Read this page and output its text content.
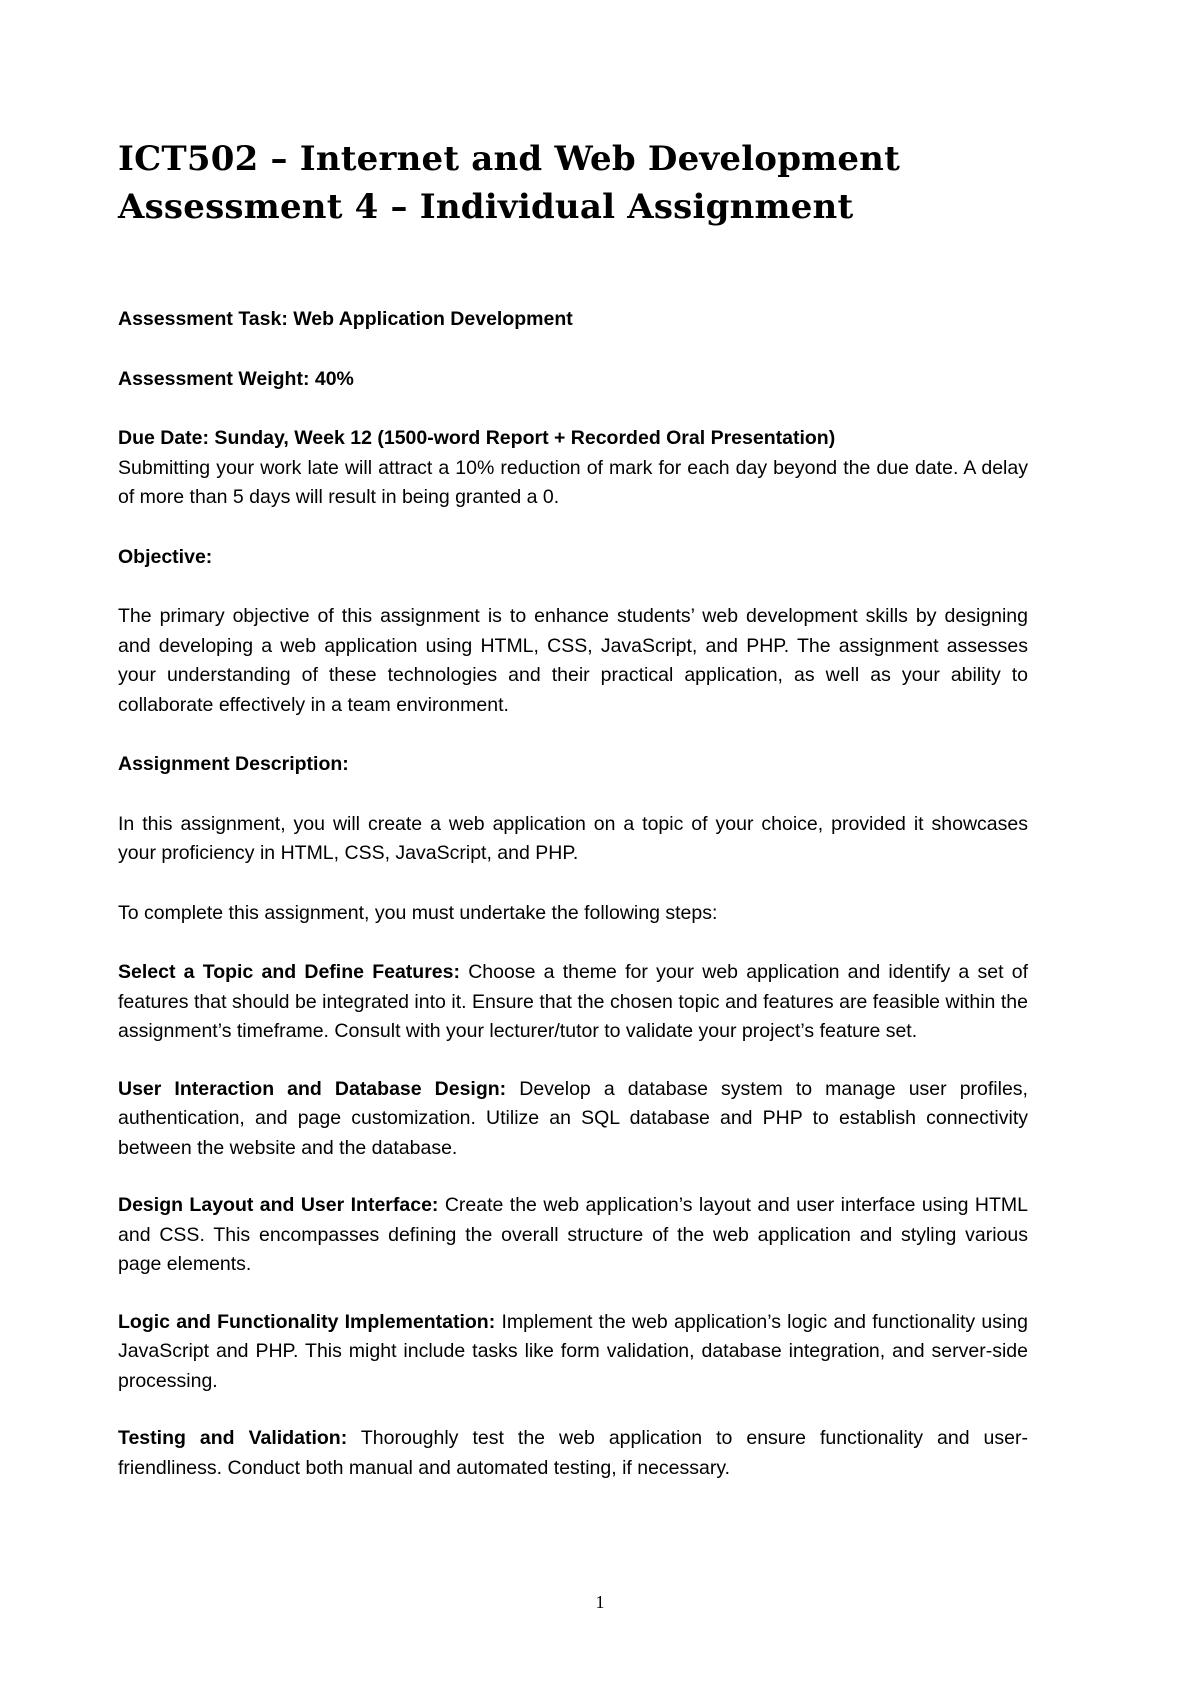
ICT502 – Internet and Web Development
Assessment 4 – Individual Assignment

Assessment Task: Web Application Development

Assessment Weight: 40%

Due Date: Sunday, Week 12 (1500-word Report + Recorded Oral Presentation)

Submitting your work late will attract a 10% reduction of mark for each day beyond the due date. A delay of more than 5 days will result in being granted a 0.

Objective:

The primary objective of this assignment is to enhance students’ web development skills by designing and developing a web application using HTML, CSS, JavaScript, and PHP. The assignment assesses your understanding of these technologies and their practical application, as well as your ability to collaborate effectively in a team environment.

Assignment Description:

In this assignment, you will create a web application on a topic of your choice, provided it showcases your proficiency in HTML, CSS, JavaScript, and PHP.

To complete this assignment, you must undertake the following steps:

Select a Topic and Define Features: Choose a theme for your web application and identify a set of features that should be integrated into it. Ensure that the chosen topic and features are feasible within the assignment’s timeframe. Consult with your lecturer/tutor to validate your project’s feature set.

User Interaction and Database Design: Develop a database system to manage user profiles, authentication, and page customization. Utilize an SQL database and PHP to establish connectivity between the website and the database.

Design Layout and User Interface: Create the web application’s layout and user interface using HTML and CSS. This encompasses defining the overall structure of the web application and styling various page elements.

Logic and Functionality Implementation: Implement the web application’s logic and functionality using JavaScript and PHP. This might include tasks like form validation, database integration, and server-side processing.

Testing and Validation: Thoroughly test the web application to ensure functionality and user-friendliness. Conduct both manual and automated testing, if necessary.

1
